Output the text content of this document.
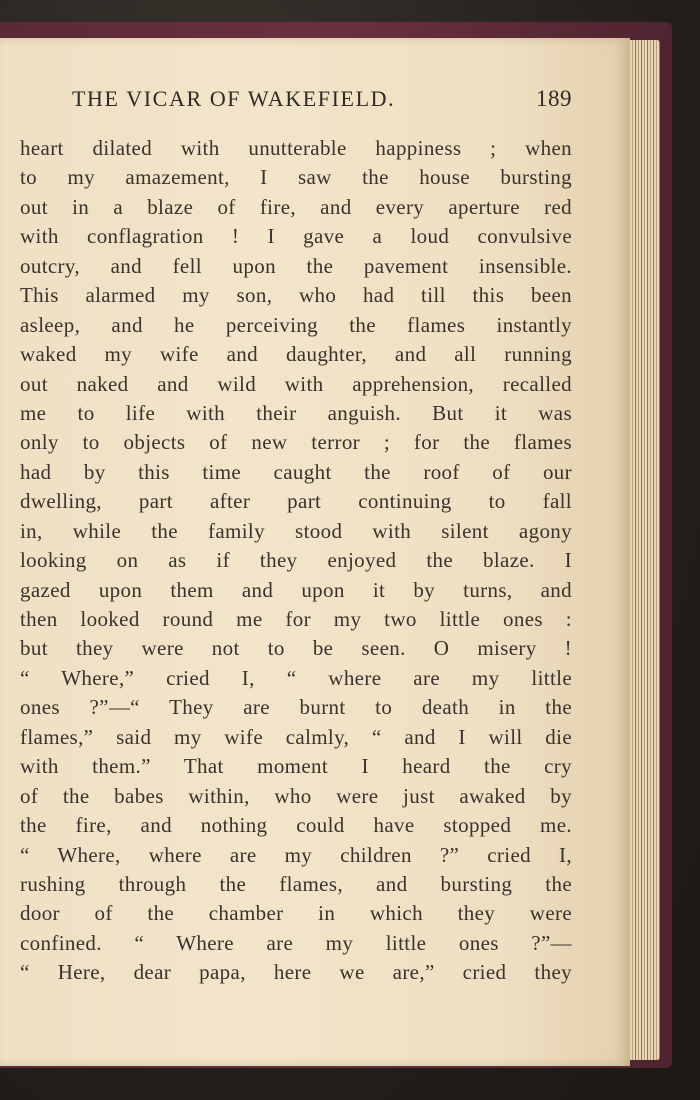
THE VICAR OF WAKEFIELD.	189
heart dilated with unutterable happiness ; when
to my amazement, I saw the house bursting
out in a blaze of fire, and every aperture red
with conflagration ! I gave a loud convulsive
outcry, and fell upon the pavement insensible.
This alarmed my son, who had till this been
asleep, and he perceiving the flames instantly
waked my wife and daughter, and all running
out naked and wild with apprehension, recalled
me to life with their anguish. But it was
only to objects of new terror ; for the flames
had by this time caught the roof of our
dwelling, part after part continuing to fall
in, while the family stood with silent agony
looking on as if they enjoyed the blaze. I
gazed upon them and upon it by turns, and
then looked round me for my two little ones :
but they were not to be seen. O misery !
“ Where,” cried I, “ where are my little
ones ?”—“ They are burnt to death in the
flames,” said my wife calmly, “ and I will die
with them.” That moment I heard the cry
of the babes within, who were just awaked by
the fire, and nothing could have stopped me.
“ Where, where are my children ?” cried I,
rushing through the flames, and bursting the
door of the chamber in which they were
confined. “ Where are my little ones ?”—
“ Here, dear papa, here we are,” cried they
